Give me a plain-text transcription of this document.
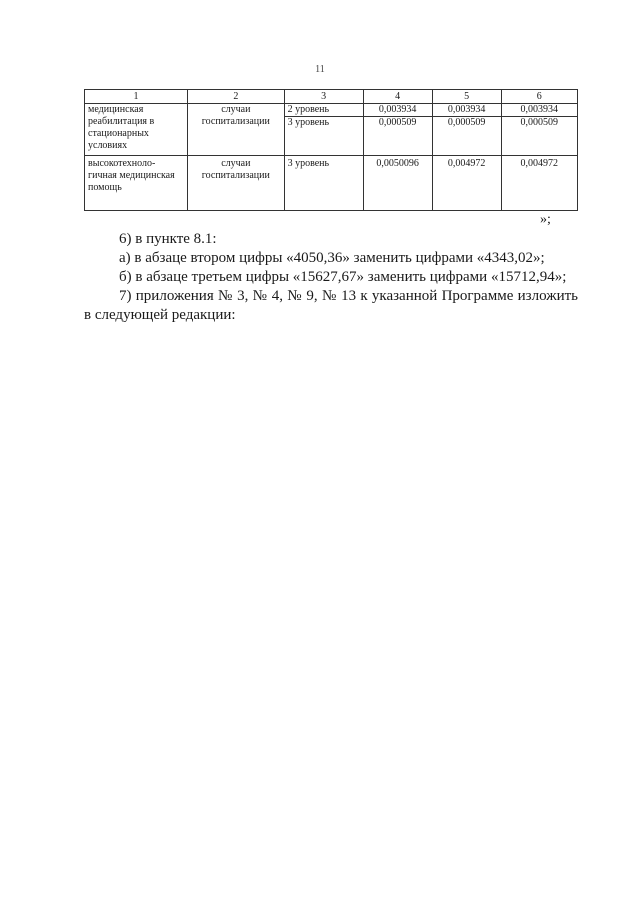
11
1	2	3	4	5	6
медицинская реабилитация в стационарных условиях	случаи госпитализации	2 уровень	0,003934	0,003934	0,003934
		3 уровень	0,000509	0,000509	0,000509
высокотехноло-гичная медицинская помощь	случаи госпитализации	3 уровень	0,0050096	0,004972	0,004972
»;

6) в пункте 8.1:

а) в абзаце втором цифры «4050,36» заменить цифрами «4343,02»;

б) в абзаце третьем цифры «15627,67» заменить цифрами «15712,94»;

7) приложения № 3, № 4, № 9, № 13 к указанной Программе изложить в следующей редакции:
